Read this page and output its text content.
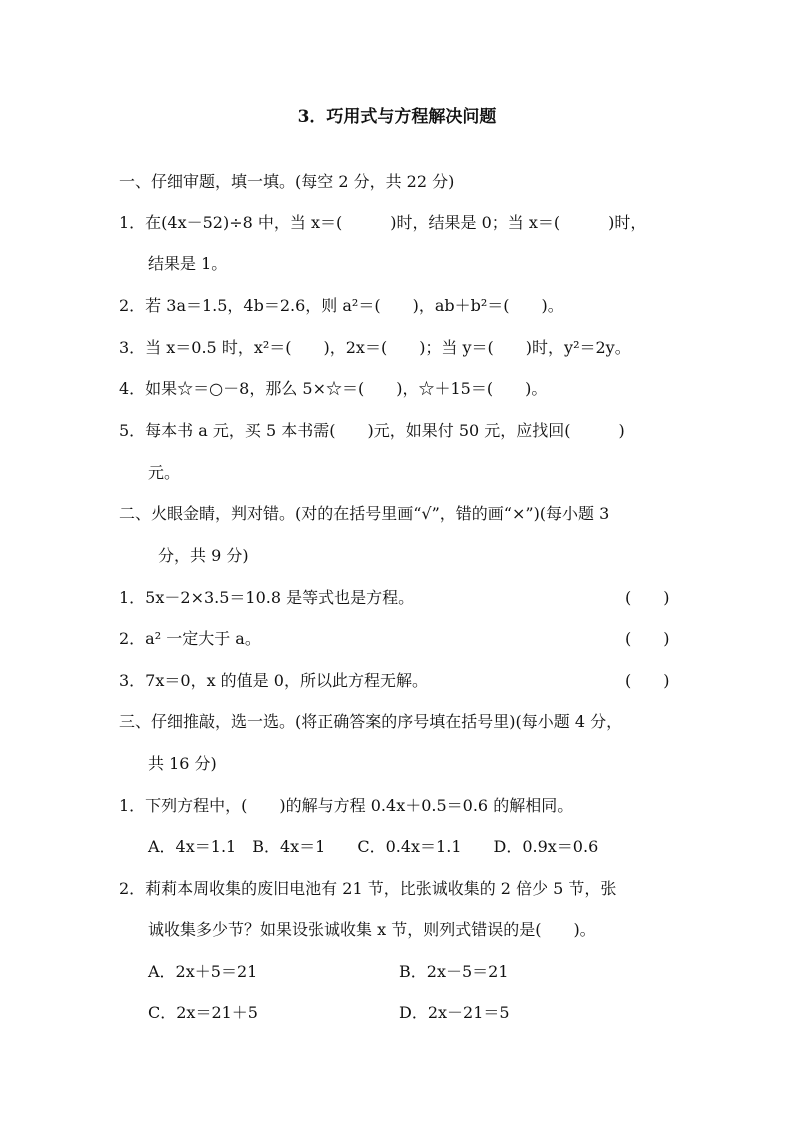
3．巧用式与方程解决问题
一、仔细审题，填一填。(每空 2 分，共 22 分)
1．在(4x－52)÷8 中，当 x＝(　　　)时，结果是 0；当 x＝(　　　)时，
结果是 1。
2．若 3a＝1.5，4b＝2.6，则 a²＝(　　)，ab＋b²＝(　　)。
3．当 x＝0.5 时，x²＝(　　)，2x＝(　　)；当 y＝(　　)时，y²＝2y。
4．如果☆＝○－8，那么 5×☆＝(　　)，☆＋15＝(　　)。
5．每本书 a 元，买 5 本书需(　　)元，如果付 50 元，应找回(　　　)
元。
二、火眼金睛，判对错。(对的在括号里画“√”，错的画“×”)(每小题 3
分，共 9 分)
1．5x－2×3.5＝10.8 是等式也是方程。	(　　)
2．a² 一定大于 a。	(　　)
3．7x＝0，x 的值是 0，所以此方程无解。	(　　)
三、仔细推敲，选一选。(将正确答案的序号填在括号里)(每小题 4 分，
共 16 分)
1．下列方程中，(　　)的解与方程 0.4x＋0.5＝0.6 的解相同。
A．4x＝1.1　B．4x＝1　　C．0.4x＝1.1　　D．0.9x＝0.6
2．莉莉本周收集的废旧电池有 21 节，比张诚收集的 2 倍少 5 节，张
诚收集多少节？如果设张诚收集 x 节，则列式错误的是(　　)。
A．2x＋5＝21	B．2x－5＝21
C．2x＝21＋5	D．2x－21＝5
